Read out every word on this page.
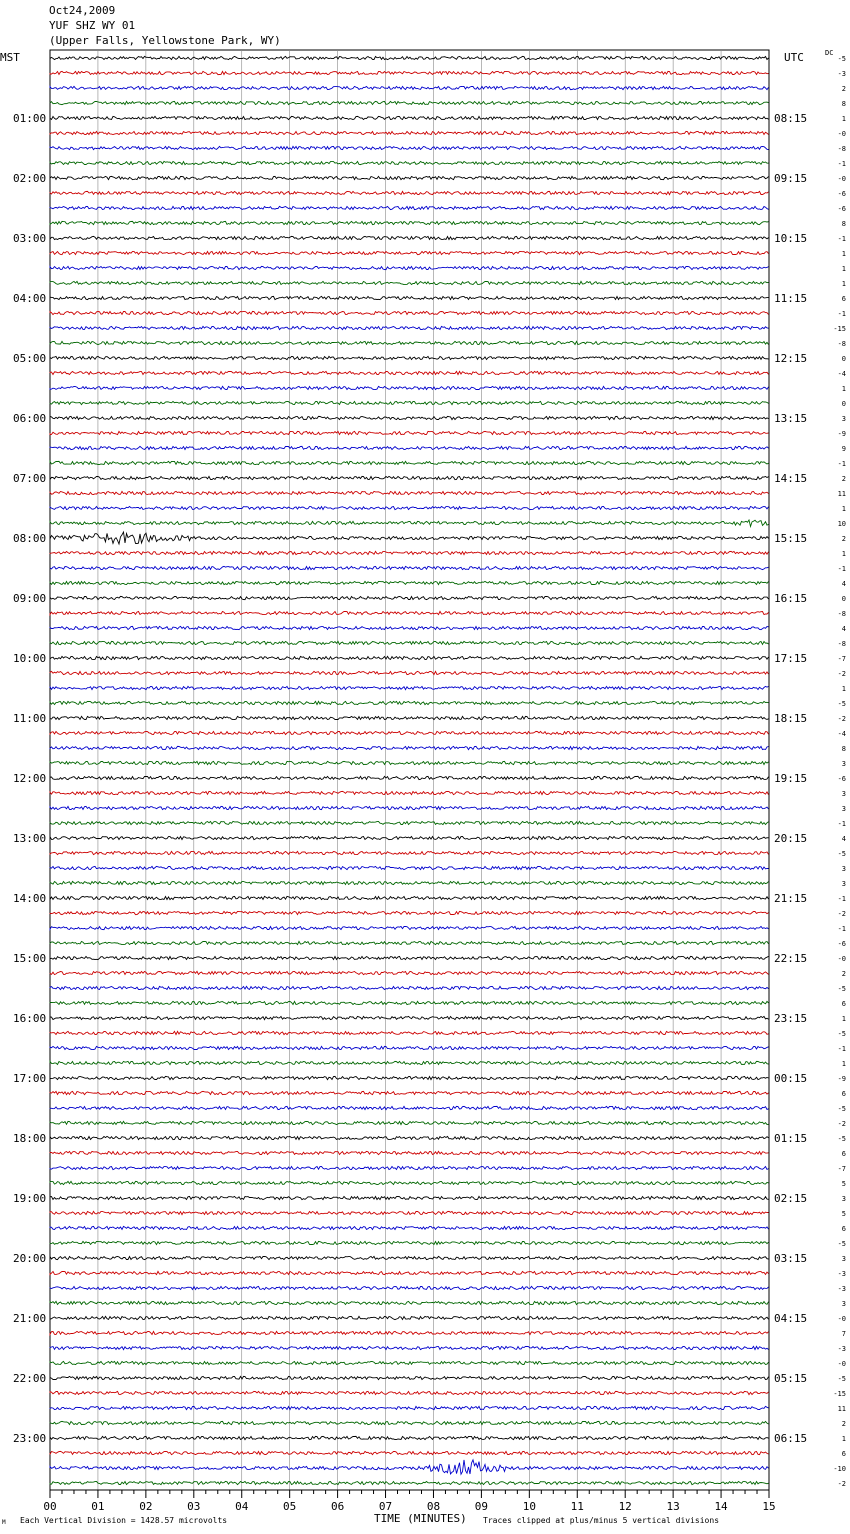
Oct24,2009
YUF SHZ WY 01
(Upper Falls, Yellowstone Park, WY)
MST	UTC	DC
01:00	08:15
02:00	09:15
03:00	10:15
04:00	11:15
05:00	12:15
06:00	13:15
07:00	14:15
08:00	15:15
09:00	16:15
10:00	17:15
11:00	18:15
12:00	19:15
13:00	20:15
14:00	21:15
15:00	22:15
16:00	23:15
17:00	00:15
18:00	01:15
19:00	02:15
20:00	03:15
21:00	04:15
22:00	05:15
23:00	06:15
-5
-3
2
8
1
-0
-8
-1
-0
-6
-6
8
-1
1
1
1
6
-1
-15
-8
0
-4
1
0
3
-9
9
-1
2
11
1
10
2
1
-1
4
0
-8
4
-8
-7
-2
1
-5
-2
-4
8
3
-6
3
3
-1
4
-5
3
3
-1
-2
-1
-6
-0
2
-5
6
1
-5
-1
1
-9
6
-5
-2
-5
6
-7
5
3
5
6
-5
3
-3
-3
3
-0
7
-3
-0
-5
-15
11
2
1
6
-10
-2
00	01	02	03	04	05	06	07	08	09	10	11	12	13	14	15
M Each Vertical Division = 1428.57 microvolts	TIME (MINUTES) Traces clipped at plus/minus 5 vertical divisions
